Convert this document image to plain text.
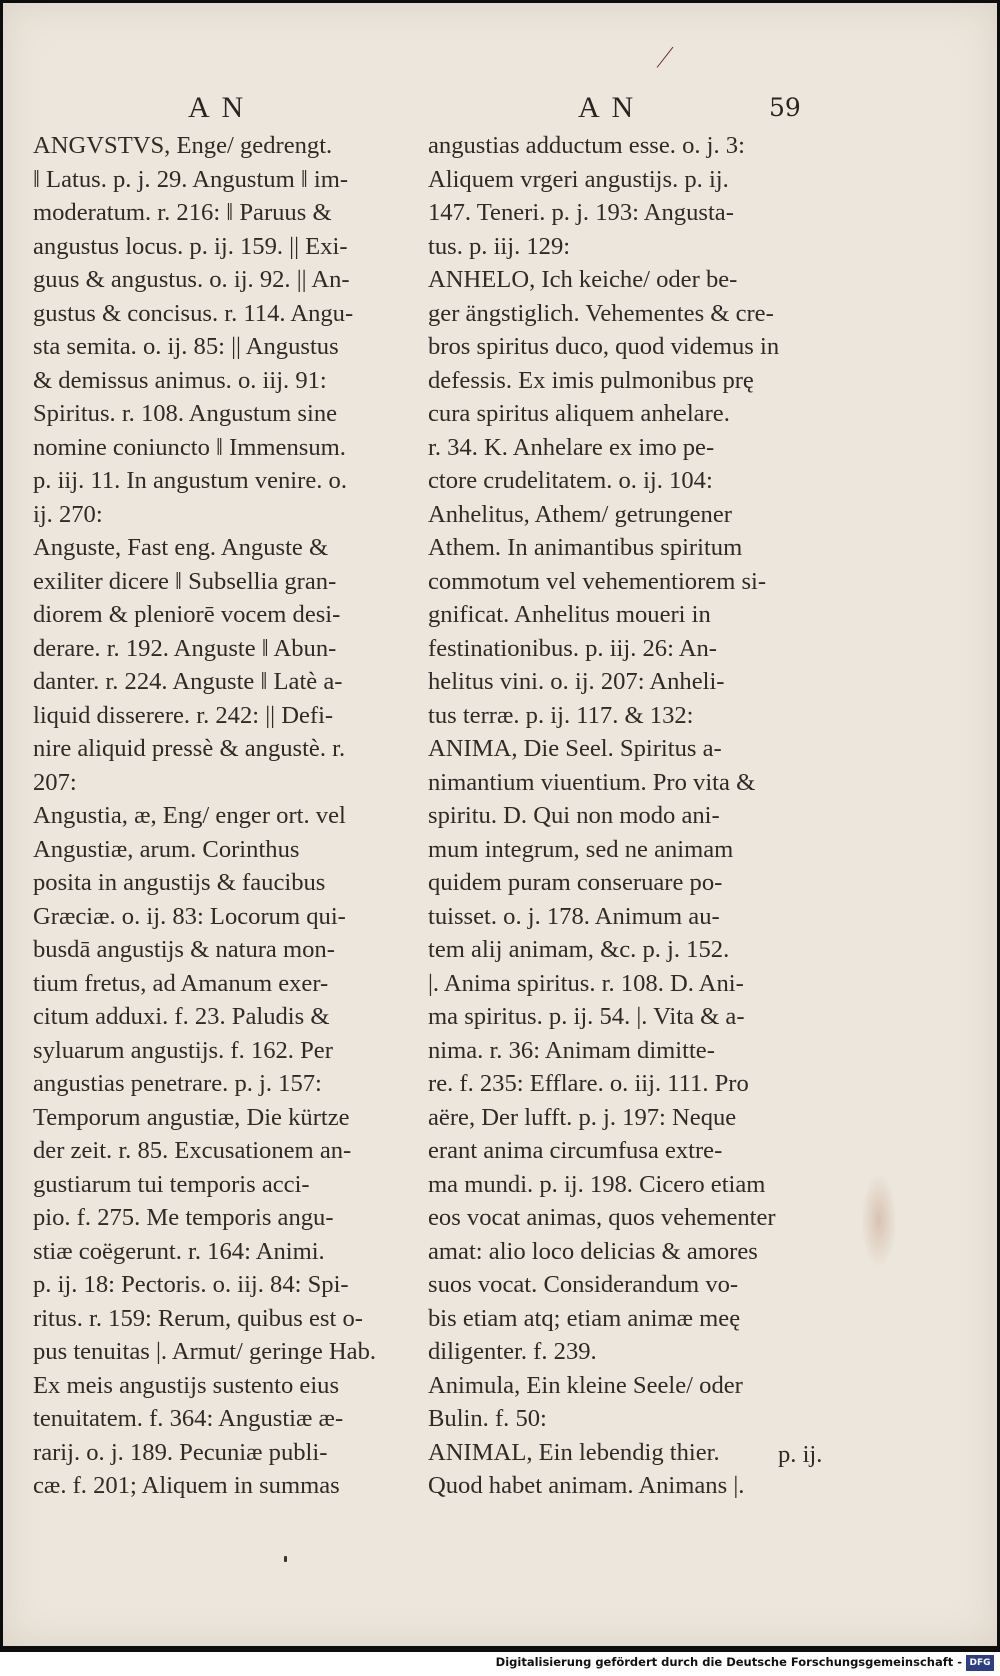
A N	A N	59
ANGVSTVS, Enge/ gedrengt.
‖ Latus. p. j. 29. Angustum ‖ im-
moderatum. r. 216: ‖ Paruus &
angustus locus. p. ij. 159. || Exi-
guus & angustus. o. ij. 92. || An-
gustus & concisus. r. 114. Angu-
sta semita. o. ij. 85: || Angustus
& demissus animus. o. iij. 91:
Spiritus. r. 108. Angustum sine
nomine coniuncto ‖ Immensum.
p. iij. 11. In angustum venire. o.
ij. 270:
Anguste, Fast eng. Anguste &
exiliter dicere ‖ Subsellia gran-
diorem & pleniorē vocem desi-
derare. r. 192. Anguste ‖ Abun-
danter. r. 224. Anguste ‖ Latè a-
liquid disserere. r. 242: || Defi-
nire aliquid pressè & angustè. r.
207:
Angustia, æ, Eng/ enger ort. vel
Angustiæ, arum. Corinthus
posita in angustijs & faucibus
Græciæ. o. ij. 83: Locorum qui-
busdā angustijs & natura mon-
tium fretus, ad Amanum exer-
citum adduxi. f. 23. Paludis &
syluarum angustijs. f. 162. Per
angustias penetrare. p. j. 157:
Temporum angustiæ, Die kürtze
der zeit. r. 85. Excusationem an-
gustiarum tui temporis acci-
pio. f. 275. Me temporis angu-
stiæ coëgerunt. r. 164: Animi.
p. ij. 18: Pectoris. o. iij. 84: Spi-
ritus. r. 159: Rerum, quibus est o-
pus tenuitas |. Armut/ geringe Hab.
Ex meis angustijs sustento eius
tenuitatem. f. 364: Angustiæ æ-
rarij. o. j. 189. Pecuniæ publi-
cæ. f. 201; Aliquem in summas
angustias adductum esse. o. j. 3:
Aliquem vrgeri angustijs. p. ij.
147. Teneri. p. j. 193: Angusta-
tus. p. iij. 129:
ANHELO, Ich keiche/ oder be-
ger ängstiglich. Vehementes & cre-
bros spiritus duco, quod videmus in
defessis. Ex imis pulmonibus prę
cura spiritus aliquem anhelare.
r. 34. K. Anhelare ex imo pe-
ctore crudelitatem. o. ij. 104:
Anhelitus, Athem/ getrungener
Athem. In animantibus spiritum
commotum vel vehementiorem si-
gnificat. Anhelitus moueri in
festinationibus. p. iij. 26: An-
helitus vini. o. ij. 207: Anheli-
tus terræ. p. ij. 117. & 132:
ANIMA, Die Seel. Spiritus a-
nimantium viuentium. Pro vita &
spiritu. D. Qui non modo ani-
mum integrum, sed ne animam
quidem puram conseruare po-
tuisset. o. j. 178. Animum au-
tem alij animam, &c. p. j. 152.
|. Anima spiritus. r. 108. D. Ani-
ma spiritus. p. ij. 54. |. Vita & a-
nima. r. 36: Animam dimitte-
re. f. 235: Efflare. o. iij. 111. Pro
aëre, Der lufft. p. j. 197: Neque
erant anima circumfusa extre-
ma mundi. p. ij. 198. Cicero etiam
eos vocat animas, quos vehementer
amat: alio loco delicias & amores
suos vocat. Considerandum vo-
bis etiam atq; etiam animæ meę
diligenter. f. 239.
Animula, Ein kleine Seele/ oder
Bulin. f. 50:
ANIMAL, Ein lebendig thier.
Quod habet animam. Animans |.
p. ij.
Digitalisierung gefördert durch die Deutsche Forschungsgemeinschaft - DFG
